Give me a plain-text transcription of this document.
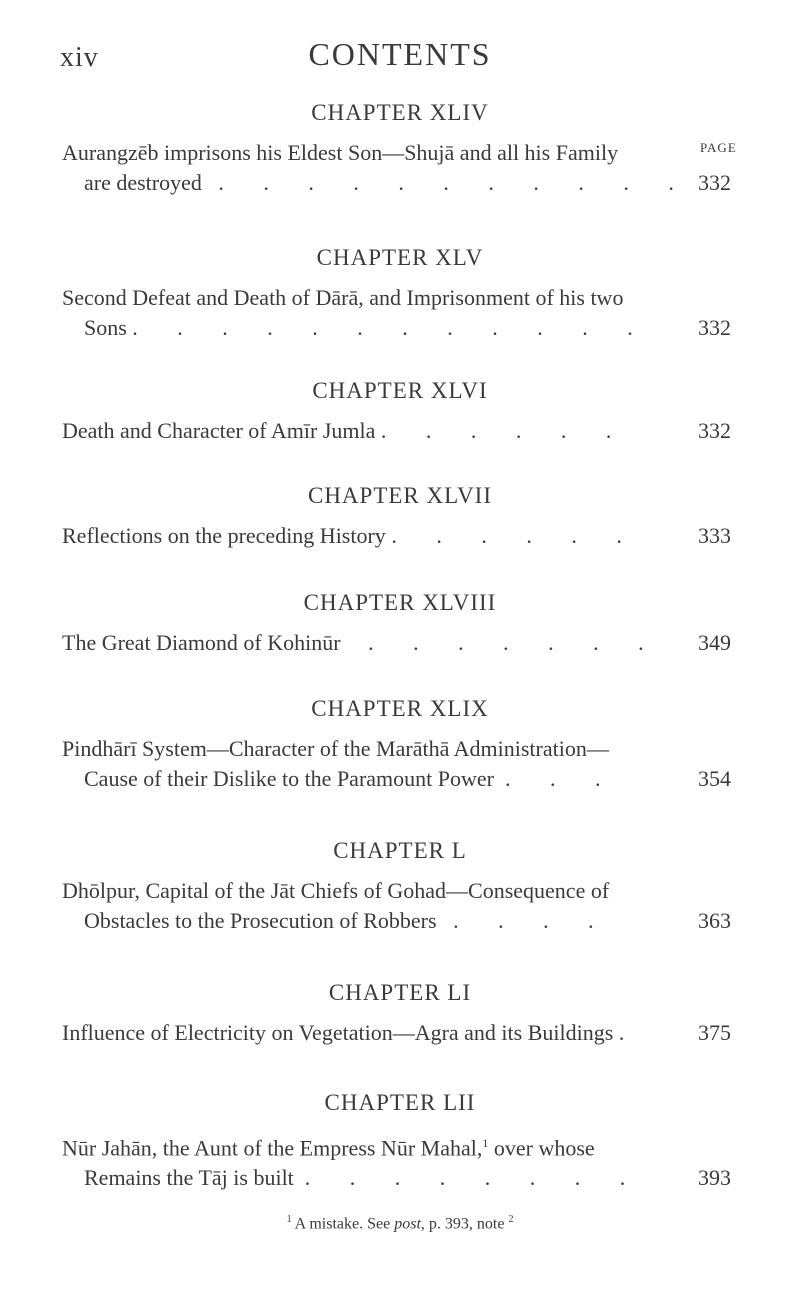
xiv	CONTENTS
PAGE
CHAPTER XLIV
Aurangzēb imprisons his Eldest Son—Shujā and all his Family
are destroyed . . . . . . . . . . . 332
CHAPTER XLV
Second Defeat and Death of Dārā, and Imprisonment of his two
Sons . . . . . . . . . . . .	332
CHAPTER XLVI
Death and Character of Amīr Jumla . . . . . .	332
CHAPTER XLVII
Reflections on the preceding History . . . . . .	333
CHAPTER XLVIII
The Great Diamond of Kohinūr . . . . . . .	349
CHAPTER XLIX
Pindhārī System—Character of the Marāthā Administration—
Cause of their Dislike to the Paramount Power . . .	354
CHAPTER L
Dhōlpur, Capital of the Jāt Chiefs of Gohad—Consequence of
Obstacles to the Prosecution of Robbers . . . .	363
CHAPTER LI
Influence of Electricity on Vegetation—Agra and its Buildings .	375
CHAPTER LII
Nūr Jahān, the Aunt of the Empress Nūr Mahal,$^1$ over whose
Remains the Tāj is built . . . . . . . .	393
$^1$ A mistake. See post, p. 393, note $^2$
